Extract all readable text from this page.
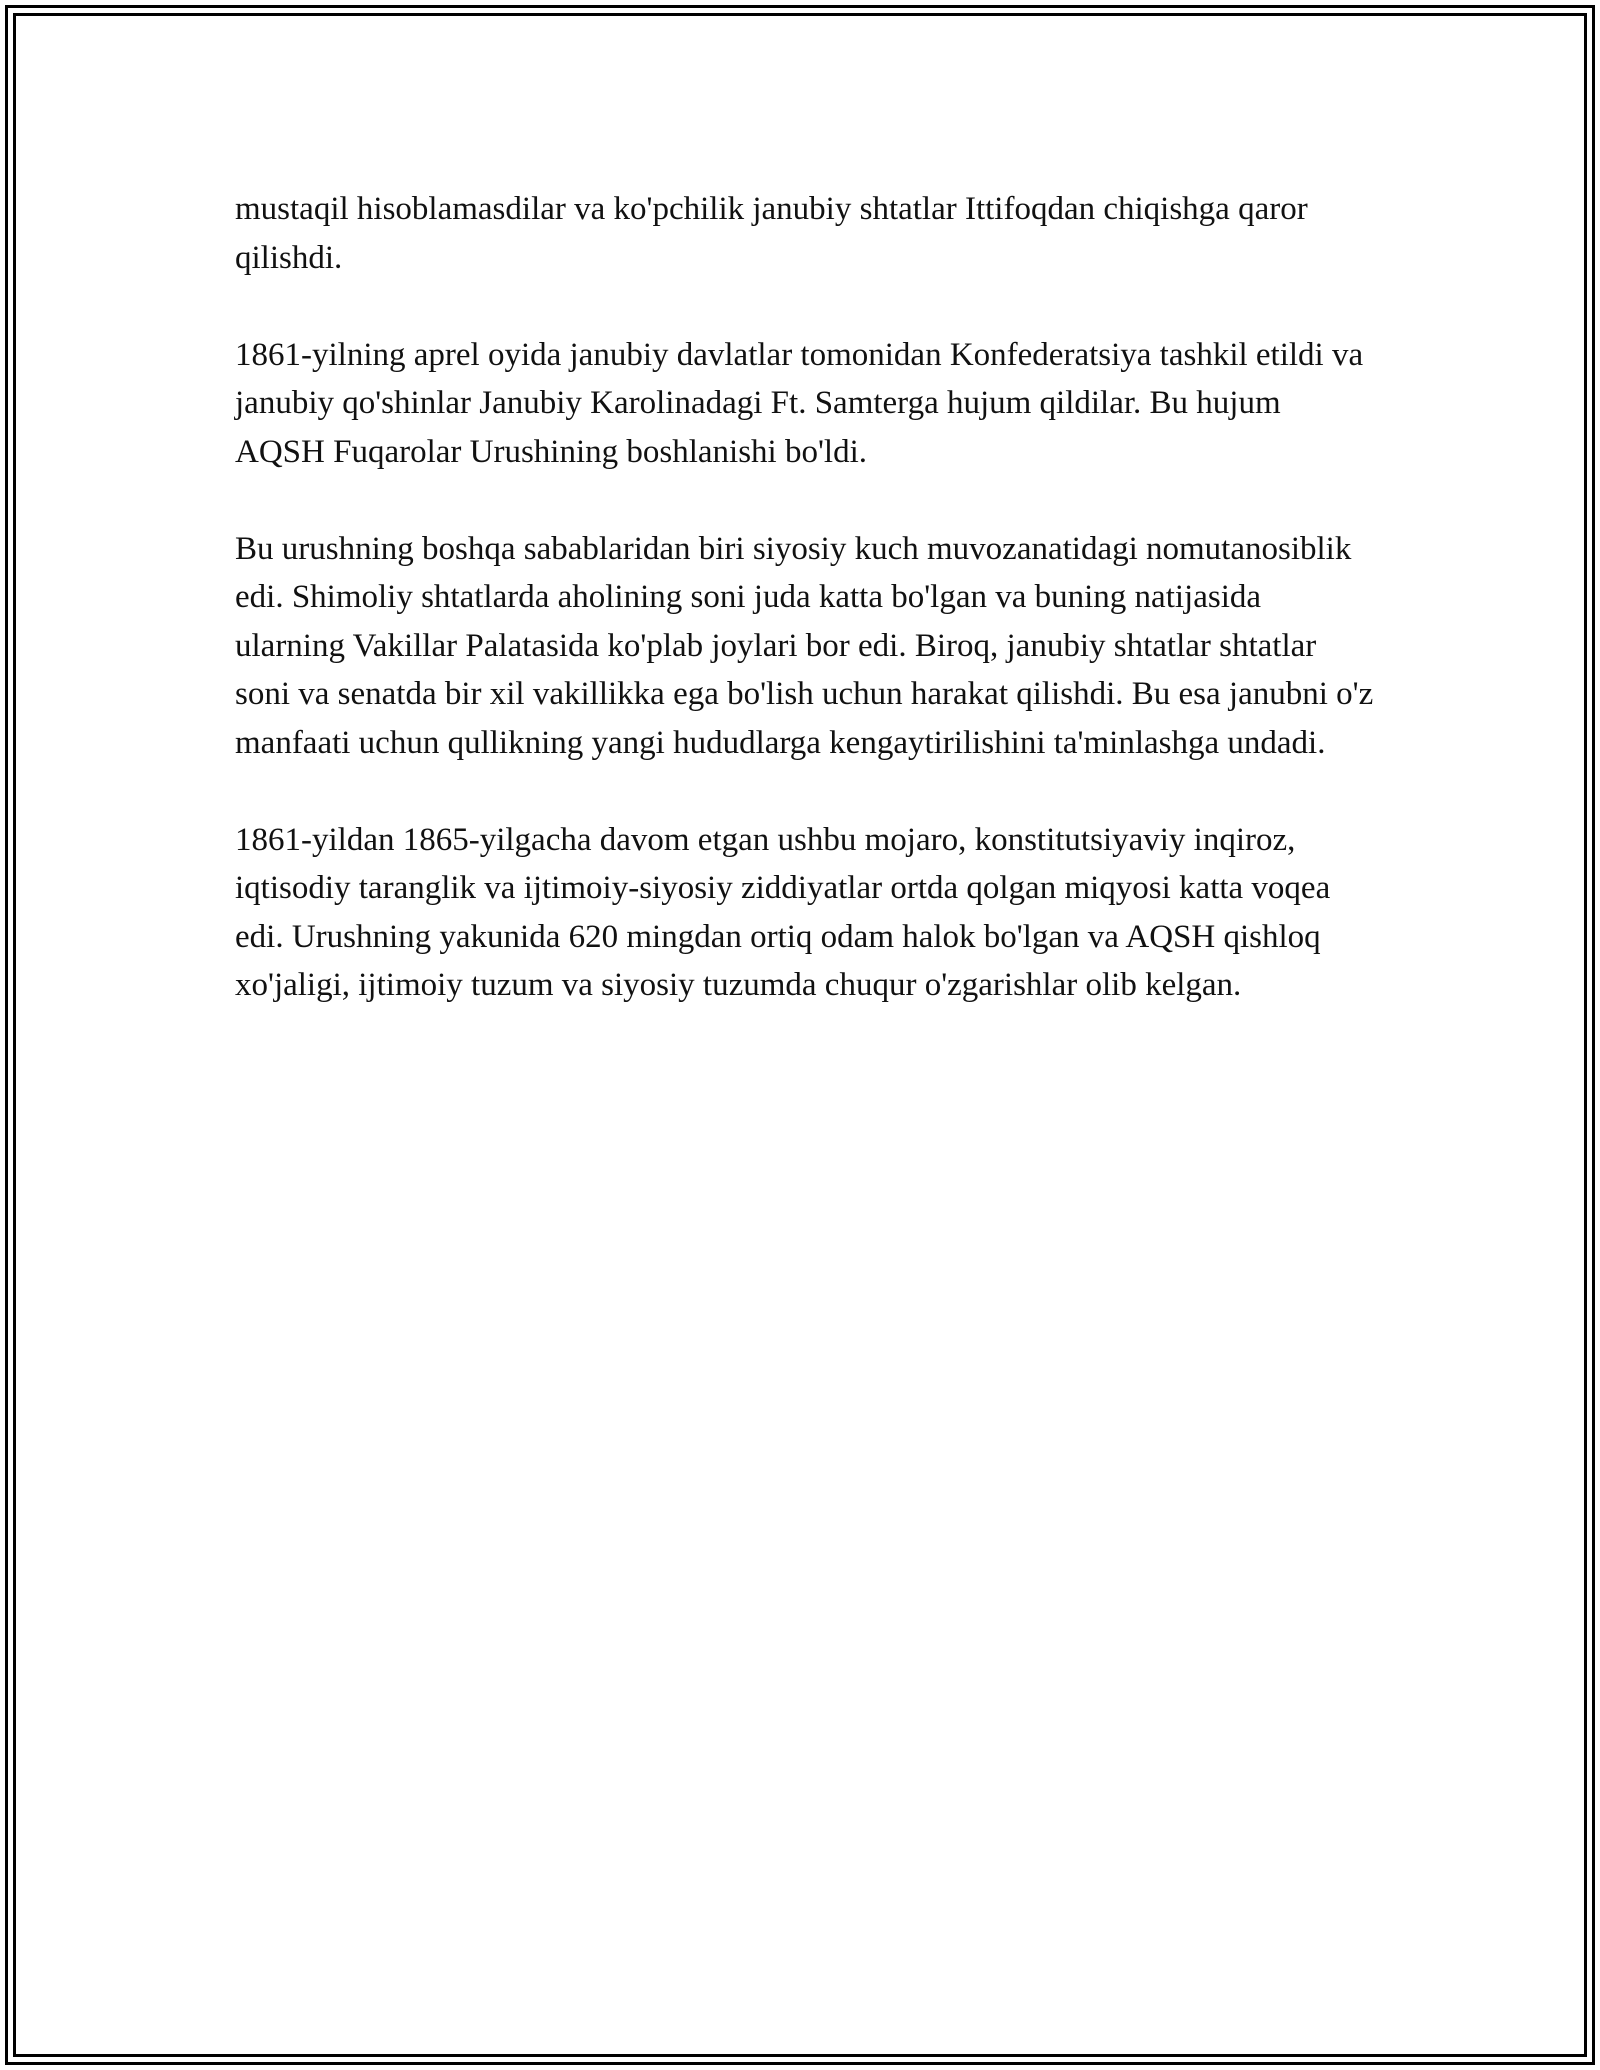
mustaqil hisoblamasdilar va ko'pchilik janubiy shtatlar Ittifoqdan chiqishga qaror qilishdi.

1861-yilning aprel oyida janubiy davlatlar tomonidan Konfederatsiya tashkil etildi va janubiy qo'shinlar Janubiy Karolinadagi Ft. Samterga hujum qildilar. Bu hujum AQSH Fuqarolar Urushining boshlanishi bo'ldi.

Bu urushning boshqa sabablaridan biri siyosiy kuch muvozanatidagi nomutanosiblik edi. Shimoliy shtatlarda aholining soni juda katta bo'lgan va buning natijasida ularning Vakillar Palatasida ko'plab joylari bor edi. Biroq, janubiy shtatlar shtatlar soni va senatda bir xil vakillikka ega bo'lish uchun harakat qilishdi. Bu esa janubni o'z manfaati uchun qullikning yangi hududlarga kengaytirilishini ta'minlashga undadi.

1861-yildan 1865-yilgacha davom etgan ushbu mojaro, konstitutsiyaviy inqiroz, iqtisodiy taranglik va ijtimoiy-siyosiy ziddiyatlar ortda qolgan miqyosi katta voqea edi. Urushning yakunida 620 mingdan ortiq odam halok bo'lgan va AQSH qishloq xo'jaligi, ijtimoiy tuzum va siyosiy tuzumda chuqur o'zgarishlar olib kelgan.
